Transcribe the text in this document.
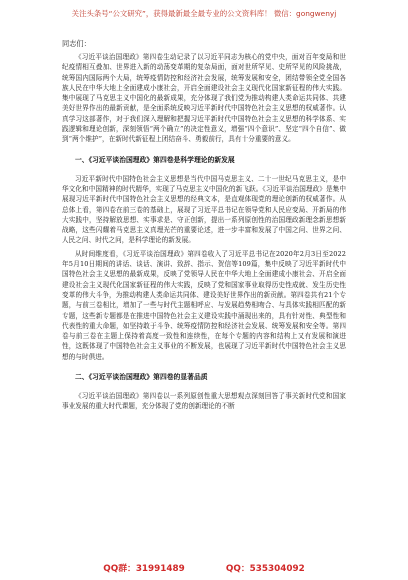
关注头条号“公文研究”，获得最新最全最专业的公文资料库！ 微信：gongwenyj

同志们：

《习近平谈治国理政》第四卷生动记录了以习近平同志为核心的党中央，面对百年变局和世纪疫情相互叠加、世界进入新的动荡变革期的复杂局面，面对世所罕见、史所罕见的风险挑战，统筹国内国际两个大局，统筹疫情防控和经济社会发展，统筹发展和安全，团结带领全党全国各族人民在中华大地上全面建成小康社会，开启全面建设社会主义现代化国家新征程的伟大实践。集中展现了马克思主义中国化的最新成果，充分体现了我们党为推动构建人类命运共同体、共建美好世界作出的最新贡献，是全面系统反映习近平新时代中国特色社会主义思想的权威著作。认真学习这部著作，对于我们深入理解和把握习近平新时代中国特色社会主义思想的科学体系、实践逻辑和理论创新，深刻领悟“两个确立”的决定性意义，增强“四个意识”、坚定“四个自信”、做到“两个维护”，在新时代新征程上团结奋斗、勇毅前行，具有十分重要的意义。

一、《习近平谈治国理政》第四卷是科学理论的新发展

习近平新时代中国特色社会主义思想是当代中国马克思主义、二十一世纪马克思主义，是中华文化和中国精神的时代精华，实现了马克思主义中国化的新飞跃。《习近平谈治国理政》是集中展现习近平新时代中国特色社会主义思想的经典文本，是直观体现党的理论创新的权威著作。从总体上看，第四卷在前三卷的基础上，展现了习近平总书记在领导党和人民应变局、开新局的伟大实践中，坚持解放思想、实事求是、守正创新，提出一系列原创性的治国理政新理念新思想新战略，这些闪耀着马克思主义真理光芒的重要论述，进一步丰富和发展了中国之问、世界之问、人民之问、时代之问，是科学理论的新发展。

从时间维度看，《习近平谈治国理政》第四卷收入了习近平总书记在2020年2月3日至2022年5月10日期间的讲话、谈话、演讲、致辞、指示、贺信等109篇，集中反映了习近平新时代中国特色社会主义思想的最新成果，反映了党领导人民在中华大地上全面建成小康社会、开启全面建设社会主义现代化国家新征程的伟大实践，反映了党和国家事业取得历史性成就、发生历史性变革的伟大斗争，为推动构建人类命运共同体、建设美好世界作出的新贡献。第四卷共有21个专题，与前三卷相比，增加了一些与时代主题相呼应、与发展趋势相吻合、与具体实践相匹配的新专题，这些新专题都是在推进中国特色社会主义建设实践中涌现出来的，具有针对性、典型性和代表性的重大命题，如坚持敢于斗争、统筹疫情防控和经济社会发展、统筹发展和安全等。第四卷与前三卷在主题上保持着高度一致性和连续性，在每个专题的内容和结构上又有发展和演进性，这既体现了中国特色社会主义事业的不断发展，也展现了习近平新时代中国特色社会主义思想的与时俱进。

二、《习近平谈治国理政》第四卷的显著品质

《习近平谈治国理政》第四卷以一系列原创性重大思想观点深刻回答了事关新时代党和国家事业发展的重大时代课题，充分体现了党的创新理论的不断

QQ群：31991489	QQ：535304092
